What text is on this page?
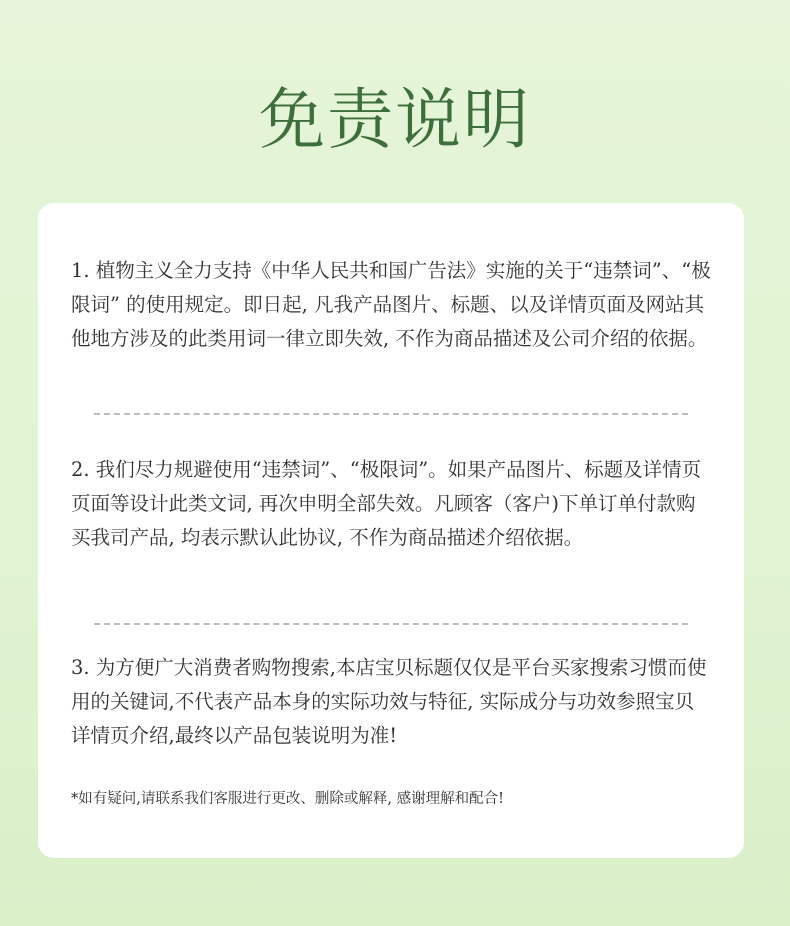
免责说明
1. 植物主义全力支持《中华人民共和国广告法》实施的关于“违禁词”、“极限词” 的使用规定。即日起, 凡我产品图片、标题、以及详情页面及网站其他地方涉及的此类用词一律立即失效, 不作为商品描述及公司介绍的依据。
2. 我们尽力规避使用“违禁词”、“极限词”。如果产品图片、标题及详情页页面等设计此类文词, 再次申明全部失效。凡顾客（客户)下单订单付款购买我司产品, 均表示默认此协议, 不作为商品描述介绍依据。
3. 为方便广大消费者购物搜索,本店宝贝标题仅仅是平台买家搜索习惯而使用的关键词,不代表产品本身的实际功效与特征, 实际成分与功效参照宝贝详情页介绍,最终以产品包装说明为准!
*如有疑问,请联系我们客服进行更改、删除或解释, 感谢理解和配合!
